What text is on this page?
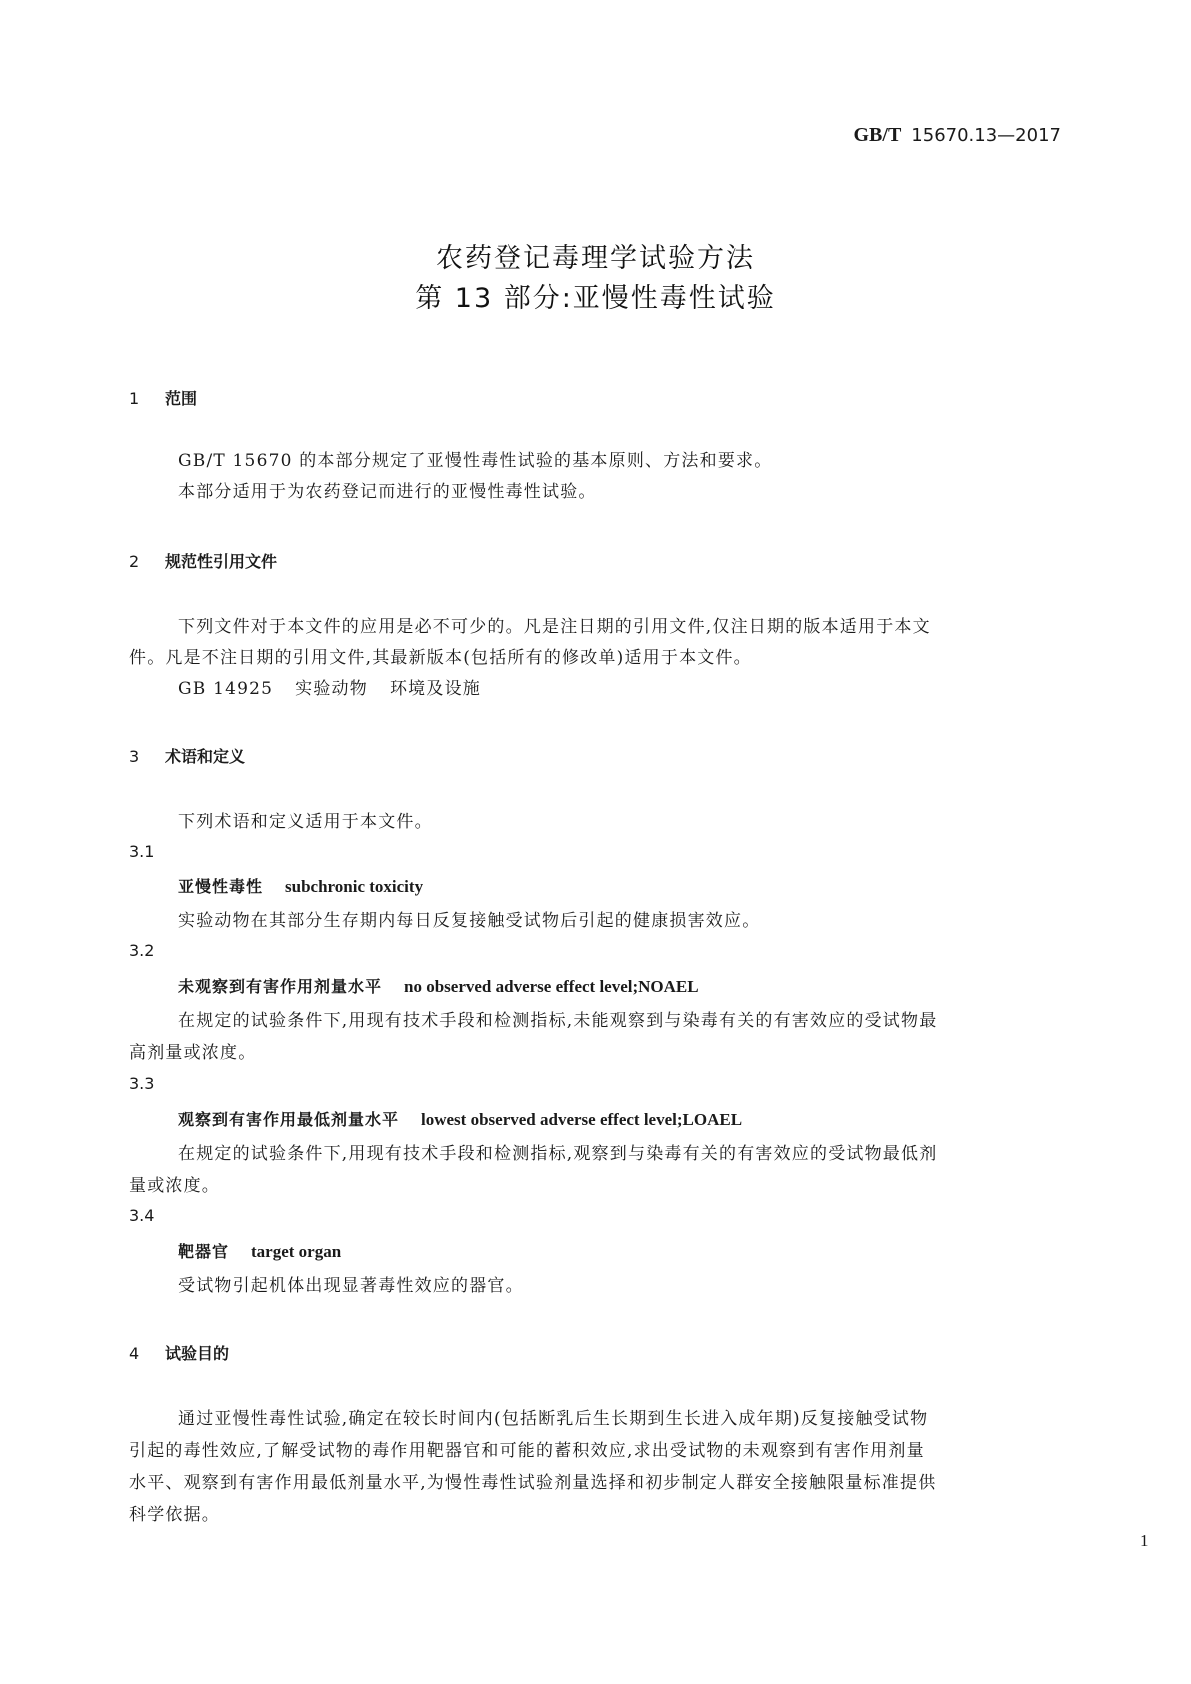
GB/T 15670.13—2017
农药登记毒理学试验方法
第 13 部分:亚慢性毒性试验
1 范围
GB/T 15670 的本部分规定了亚慢性毒性试验的基本原则、方法和要求。
本部分适用于为农药登记而进行的亚慢性毒性试验。
2 规范性引用文件
下列文件对于本文件的应用是必不可少的。凡是注日期的引用文件,仅注日期的版本适用于本文
件。凡是不注日期的引用文件,其最新版本(包括所有的修改单)适用于本文件。
GB 14925 实验动物 环境及设施
3 术语和定义
下列术语和定义适用于本文件。
3.1
亚慢性毒性 subchronic toxicity
实验动物在其部分生存期内每日反复接触受试物后引起的健康损害效应。
3.2
未观察到有害作用剂量水平 no observed adverse effect level;NOAEL
在规定的试验条件下,用现有技术手段和检测指标,未能观察到与染毒有关的有害效应的受试物最
高剂量或浓度。
3.3
观察到有害作用最低剂量水平 lowest observed adverse effect level;LOAEL
在规定的试验条件下,用现有技术手段和检测指标,观察到与染毒有关的有害效应的受试物最低剂
量或浓度。
3.4
靶器官 target organ
受试物引起机体出现显著毒性效应的器官。
4 试验目的
通过亚慢性毒性试验,确定在较长时间内(包括断乳后生长期到生长进入成年期)反复接触受试物
引起的毒性效应,了解受试物的毒作用靶器官和可能的蓄积效应,求出受试物的未观察到有害作用剂量
水平、观察到有害作用最低剂量水平,为慢性毒性试验剂量选择和初步制定人群安全接触限量标准提供
科学依据。
1
